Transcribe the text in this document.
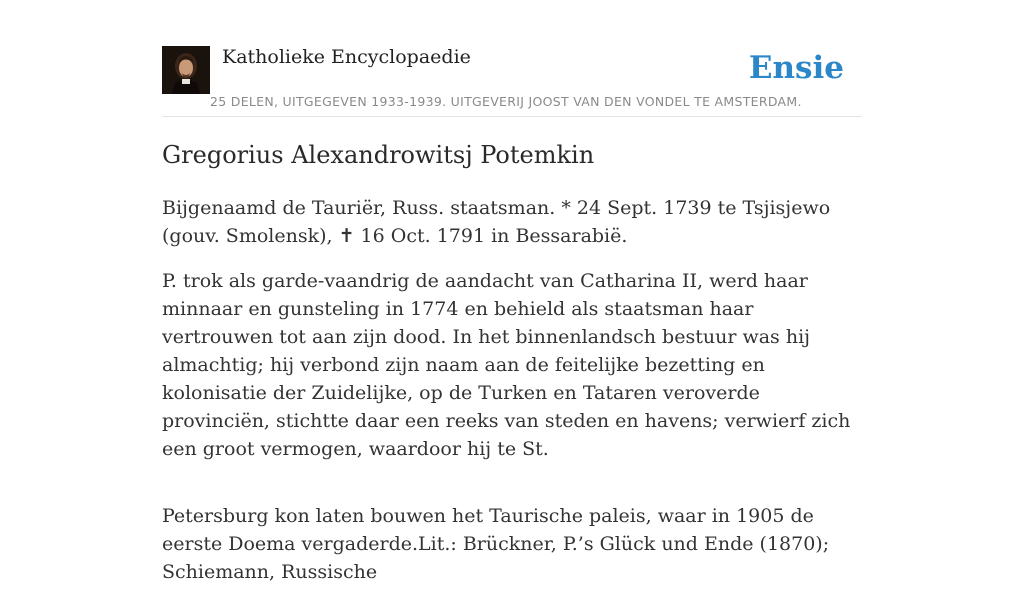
Katholieke Encyclopaedie
25 DELEN, UITGEGEVEN 1933-1939. UITGEVERIJ JOOST VAN DEN VONDEL TE AMSTERDAM.
Ensie
Gregorius Alexandrowitsj Potemkin

Bijgenaamd de Tauriër, Russ. staatsman. * 24 Sept. 1739 te Tsjisjewo (gouv. Smolensk), ✝ 16 Oct. 1791 in Bessarabië.

P. trok als garde-vaandrig de aandacht van Catharina II, werd haar minnaar en gunsteling in 1774 en behield als staatsman haar vertrouwen tot aan zijn dood. In het binnenlandsch bestuur was hij almachtig; hij verbond zijn naam aan de feitelijke bezetting en kolonisatie der Zuidelijke, op de Turken en Tataren veroverde provinciën, stichtte daar een reeks van steden en havens; verwierf zich een groot vermogen, waardoor hij te St.

Petersburg kon laten bouwen het Taurische paleis, waar in 1905 de eerste Doema vergaderde.Lit.: Brückner, P.’s Glück und Ende (1870); Schiemann, Russische
